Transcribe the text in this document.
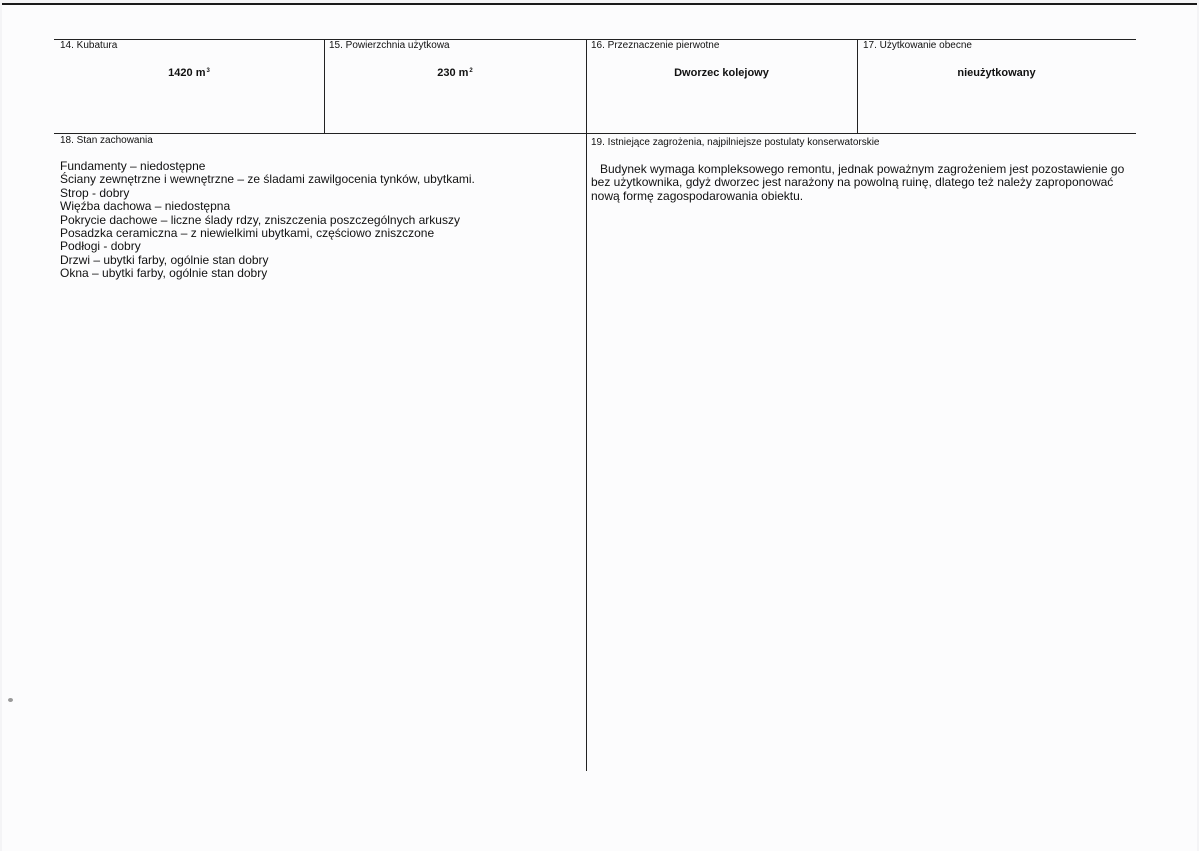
14. Kubatura
1420 $m^3$
15. Powierzchnia użytkowa
230 $m^2$
16. Przeznaczenie pierwotne
Dworzec kolejowy
17. Użytkowanie obecne
nieużytkowany
18. Stan zachowania
Fundamenty – niedostępne
Ściany zewnętrzne i wewnętrzne – ze śladami zawilgocenia tynków, ubytkami.
Strop - dobry
Więźba dachowa – niedostępna
Pokrycie dachowe – liczne ślady rdzy, zniszczenia poszczególnych arkuszy
Posadzka ceramiczna – z niewielkimi ubytkami, częściowo zniszczone
Podłogi - dobry
Drzwi – ubytki farby, ogólnie stan dobry
Okna – ubytki farby, ogólnie stan dobry
19. Istniejące zagrożenia, najpilniejsze postulaty konserwatorskie

Budynek wymaga kompleksowego remontu, jednak poważnym zagrożeniem jest pozostawienie go bez użytkownika, gdyż dworzec jest narażony na powolną ruinę, dlatego też należy zaproponować nową formę zagospodarowania obiektu.
